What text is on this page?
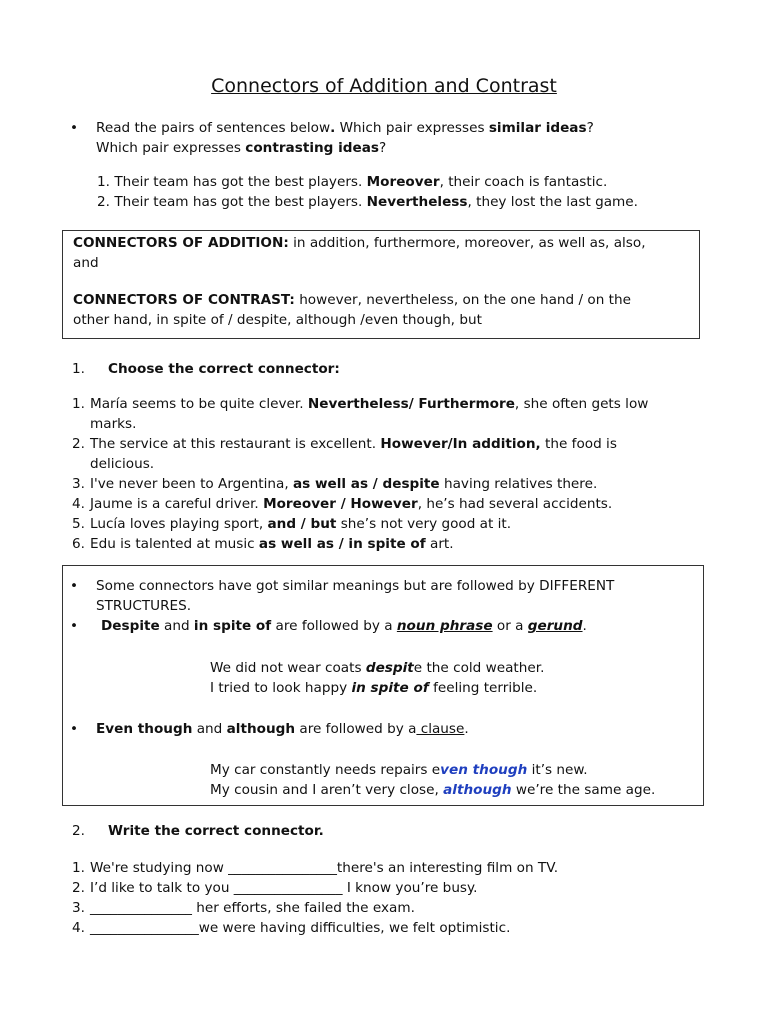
Connectors of Addition and Contrast
• Read the pairs of sentences below. Which pair expresses similar ideas?
Which pair expresses contrasting ideas?
1. Their team has got the best players. Moreover, their coach is fantastic.
2. Their team has got the best players. Nevertheless, they lost the last game.

CONNECTORS OF ADDITION: in addition, furthermore, moreover, as well as, also,
and

CONNECTORS OF CONTRAST: however, nevertheless, on the one hand / on the
other hand, in spite of / despite, although /even though, but

1. Choose the correct connector:
1. María seems to be quite clever. Nevertheless/ Furthermore, she often gets low
marks.
2. The service at this restaurant is excellent. However/In addition, the food is
delicious.
3. I've never been to Argentina, as well as / despite having relatives there.
4. Jaume is a careful driver. Moreover / However, he’s had several accidents.
5. Lucía loves playing sport, and / but she’s not very good at it.
6. Edu is talented at music as well as / in spite of art.
• Some connectors have got similar meanings but are followed by DIFFERENT
STRUCTURES.
• Despite and in spite of are followed by a noun phrase or a gerund.
We did not wear coats despite the cold weather.
I tried to look happy in spite of feeling terrible.
• Even though and although are followed by a clause.
My car constantly needs repairs even though it’s new.
My cousin and I aren’t very close, although we’re the same age.
2. Write the correct connector.
1. We're studying now ________________there's an interesting film on TV.
2. I’d like to talk to you ________________ I know you’re busy.
3. _______________ her efforts, she failed the exam.
4. ________________we were having difficulties, we felt optimistic.
